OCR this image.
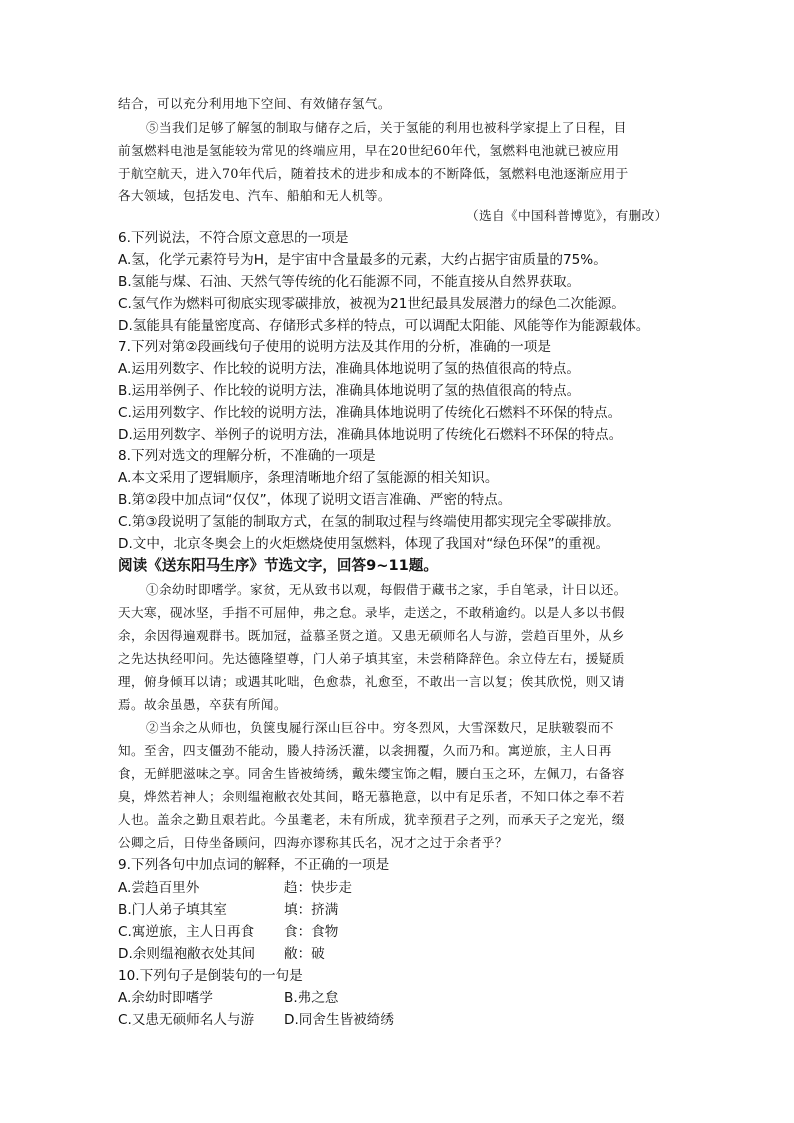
结合，可以充分利用地下空间、有效储存氢气。
⑤当我们足够了解氢的制取与储存之后，关于氢能的利用也被科学家提上了日程，目
前氢燃料电池是氢能较为常见的终端应用，早在20世纪60年代，氢燃料电池就已被应用
于航空航天，进入70年代后，随着技术的进步和成本的不断降低，氢燃料电池逐渐应用于
各大领域，包括发电、汽车、船舶和无人机等。
（选自《中国科普博览》，有删改）
6.下列说法，不符合原文意思的一项是
A.氢，化学元素符号为H，是宇宙中含量最多的元素，大约占据宇宙质量的75%。
B.氢能与煤、石油、天然气等传统的化石能源不同，不能直接从自然界获取。
C.氢气作为燃料可彻底实现零碳排放，被视为21世纪最具发展潜力的绿色二次能源。
D.氢能具有能量密度高、存储形式多样的特点，可以调配太阳能、风能等作为能源载体。
7.下列对第②段画线句子使用的说明方法及其作用的分析，准确的一项是
A.运用列数字、作比较的说明方法，准确具体地说明了氢的热值很高的特点。
B.运用举例子、作比较的说明方法，准确具体地说明了氢的热值很高的特点。
C.运用列数字、作比较的说明方法，准确具体地说明了传统化石燃料不环保的特点。
D.运用列数字、举例子的说明方法，准确具体地说明了传统化石燃料不环保的特点。
8.下列对选文的理解分析，不准确的一项是
A.本文采用了逻辑顺序，条理清晰地介绍了氢能源的相关知识。
B.第②段中加点词“仅仅”，体现了说明文语言准确、严密的特点。
C.第③段说明了氢能的制取方式，在氢的制取过程与终端使用都实现完全零碳排放。
D.文中，北京冬奥会上的火炬燃烧使用氢燃料，体现了我国对“绿色环保”的重视。
阅读《送东阳马生序》节选文字，回答9~11题。
①余幼时即嗜学。家贫，无从致书以观，每假借于藏书之家，手自笔录，计日以还。
天大寒，砚冰坚，手指不可屈伸，弗之怠。录毕，走送之，不敢稍逾约。以是人多以书假
余，余因得遍观群书。既加冠，益慕圣贤之道。又患无硕师名人与游，尝趋百里外，从乡
之先达执经叩问。先达德隆望尊，门人弟子填其室，未尝稍降辞色。余立侍左右，援疑质
理，俯身倾耳以请；或遇其叱咄，色愈恭，礼愈至，不敢出一言以复；俟其欣悦，则又请
焉。故余虽愚，卒获有所闻。
②当余之从师也，负箧曳屣行深山巨谷中。穷冬烈风，大雪深数尺，足肤皲裂而不
知。至舍，四支僵劲不能动，媵人持汤沃灌，以衾拥覆，久而乃和。寓逆旅，主人日再
食，无鲜肥滋味之享。同舍生皆被绮绣，戴朱缨宝饰之帽，腰白玉之环，左佩刀，右备容
臭，烨然若神人；余则缊袍敝衣处其间，略无慕艳意，以中有足乐者，不知口体之奉不若
人也。盖余之勤且艰若此。今虽耄老，未有所成，犹幸预君子之列，而承天子之宠光，缀
公卿之后，日侍坐备顾问，四海亦谬称其氏名，况才之过于余者乎？
9.下列各句中加点词的解释，不正确的一项是
A.尝趋百里外	趋：快步走
B.门人弟子填其室	填：挤满
C.寓逆旅，主人日再食 食：食物
D.余则缊袍敝衣处其间 敝：破
10.下列句子是倒装句的一句是
A.余幼时即嗜学	B.弗之怠
C.又患无硕师名人与游 D.同舍生皆被绮绣
